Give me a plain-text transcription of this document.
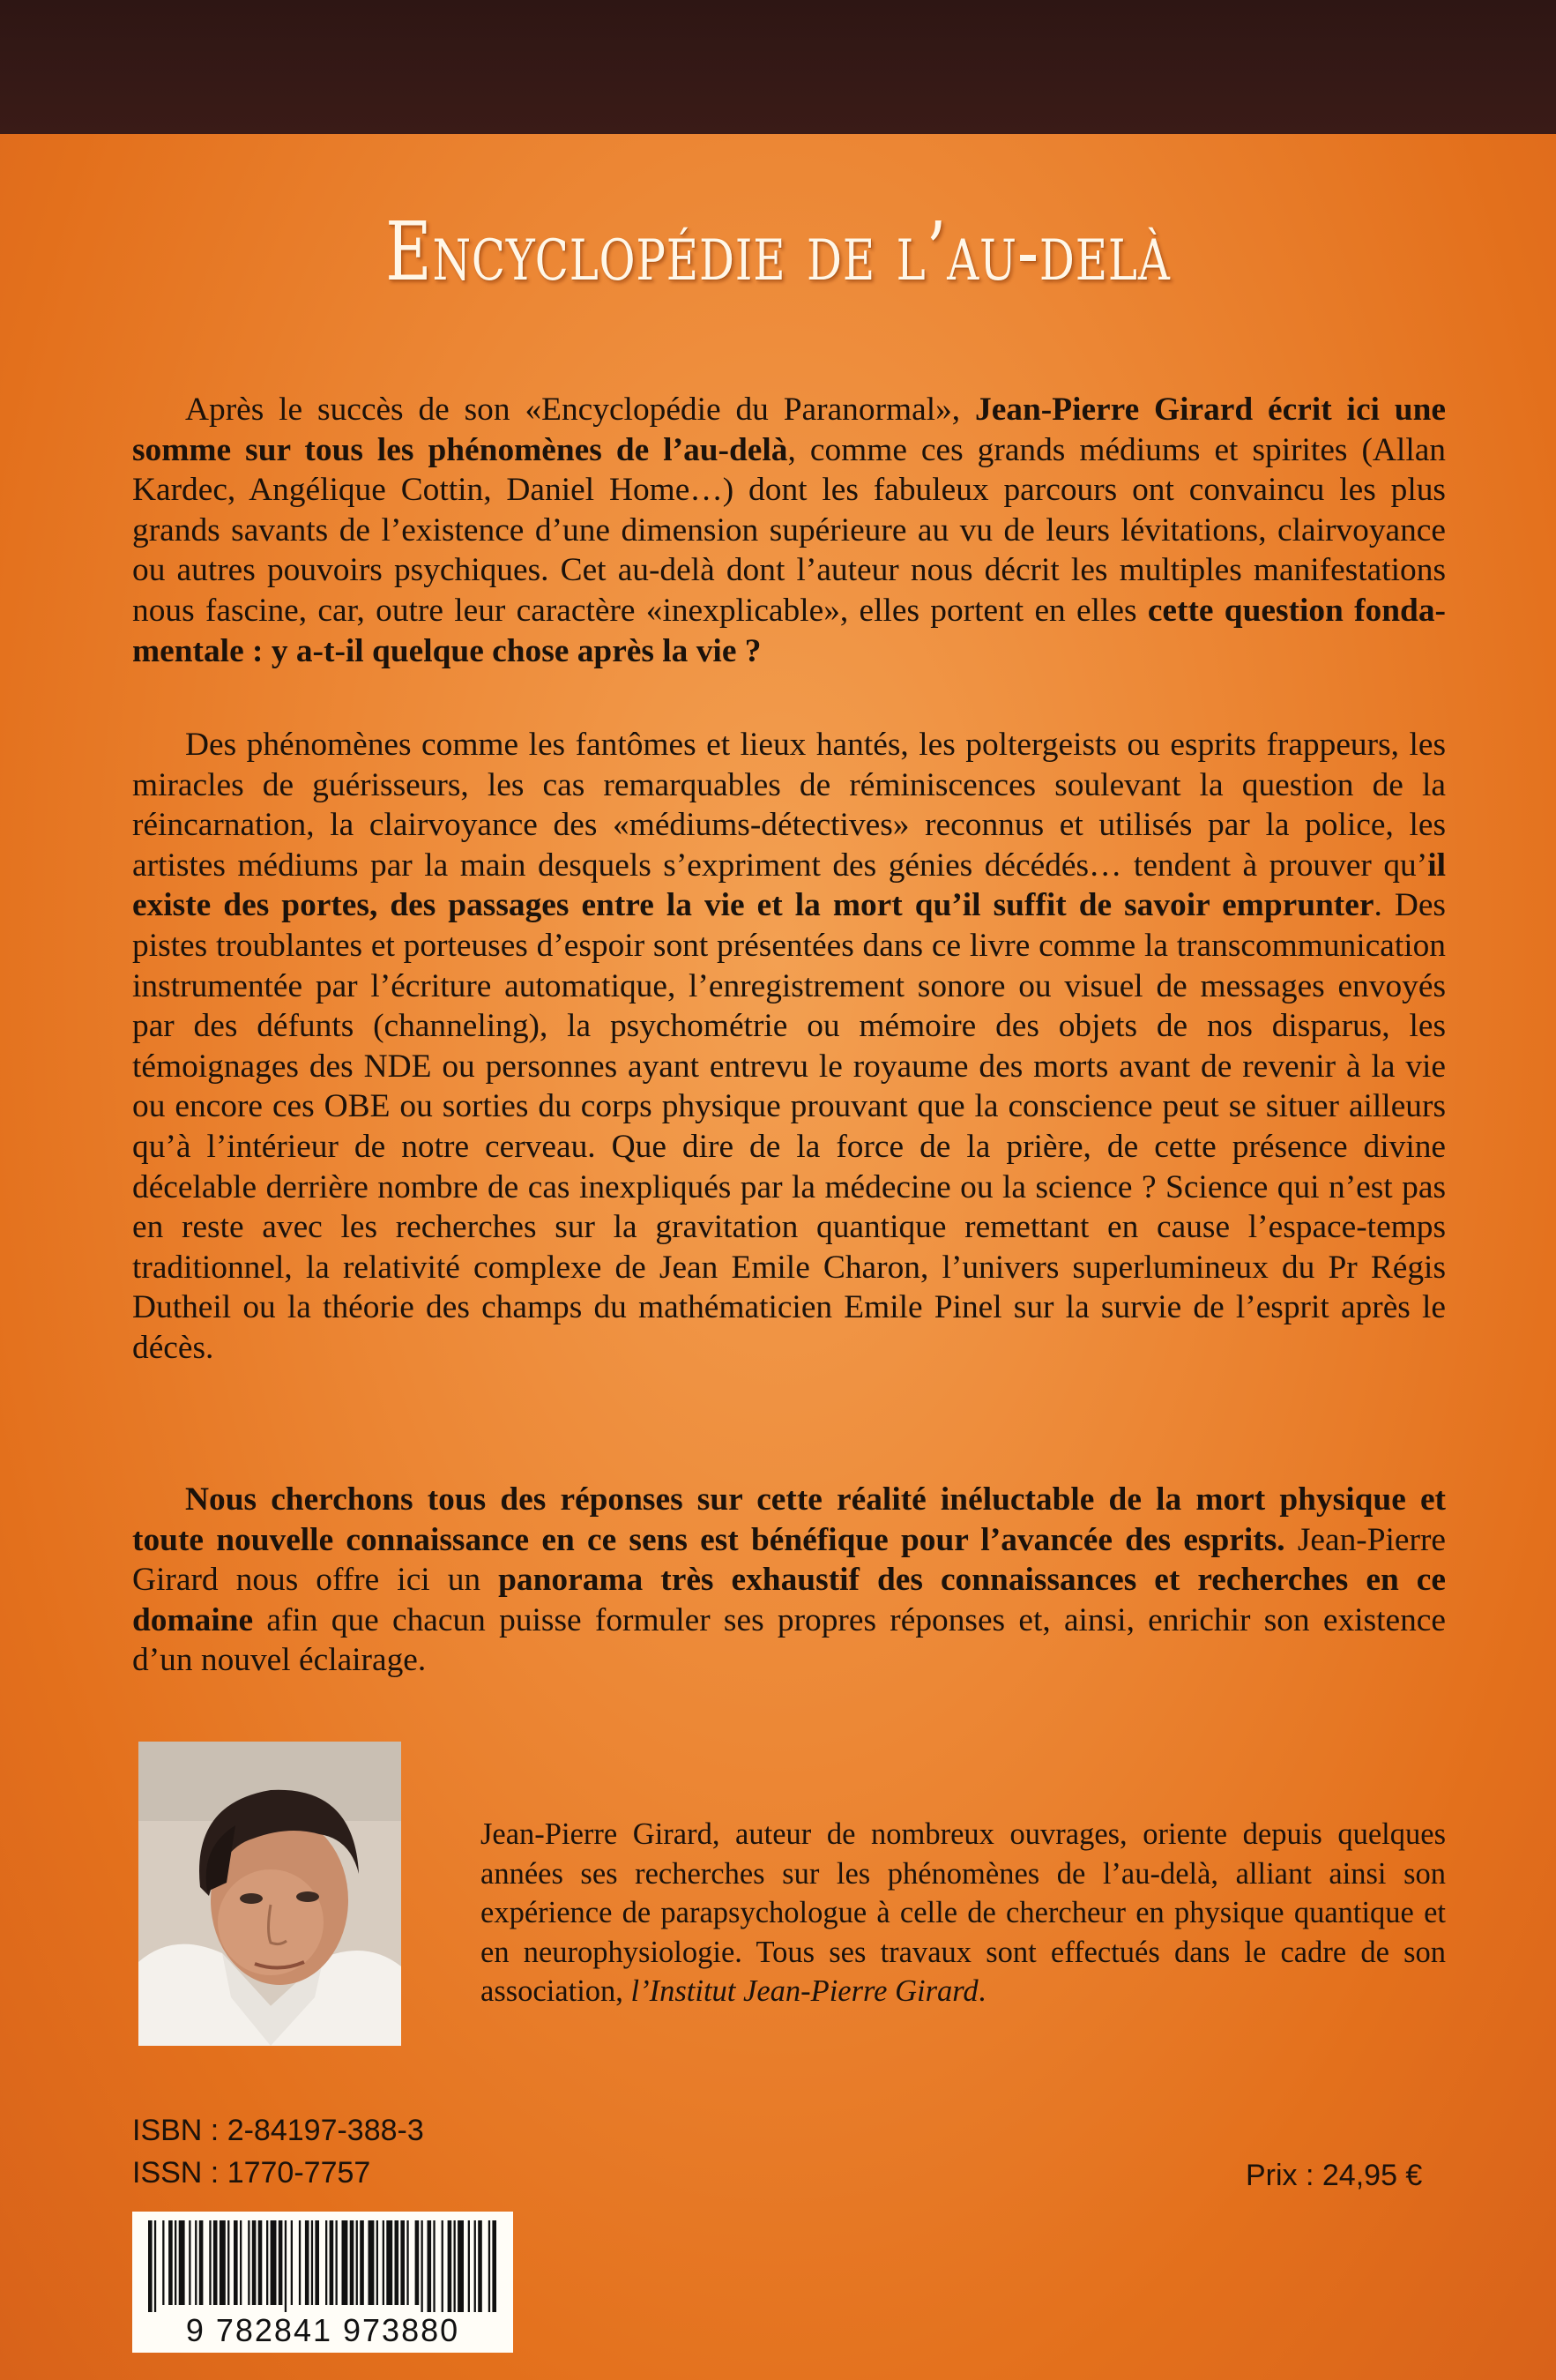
Encyclopédie de l’au-delà

Après le succès de son «Encyclopédie du Paranormal», Jean-Pierre Girard écrit ici une somme sur tous les phénomènes de l’au-delà, comme ces grands médiums et spirites (Allan Kardec, Angélique Cottin, Daniel Home…) dont les fabuleux parcours ont convaincu les plus grands savants de l’existence d’une dimension supérieure au vu de leurs lévitations, clairvoyance ou autres pouvoirs psychiques. Cet au-delà dont l’auteur nous décrit les multiples manifestations nous fascine, car, outre leur caractère «inexplicable», elles portent en elles cette question fondamentale : y a-t-il quelque chose après la vie ?

Des phénomènes comme les fantômes et lieux hantés, les poltergeists ou esprits frappeurs, les miracles de guérisseurs, les cas remarquables de réminiscences soulevant la question de la réincarnation, la clairvoyance des «médiums-détectives» reconnus et utilisés par la police, les artistes médiums par la main desquels s’expriment des génies décédés… tendent à prouver qu’il existe des portes, des passages entre la vie et la mort qu’il suffit de savoir emprunter. Des pistes troublantes et porteuses d’espoir sont présentées dans ce livre comme la transcommunication instrumentée par l’écriture automatique, l’enregistrement sonore ou visuel de messages envoyés par des défunts (channeling), la psychométrie ou mémoire des objets de nos disparus, les témoignages des NDE ou personnes ayant entrevu le royaume des morts avant de revenir à la vie ou encore ces OBE ou sorties du corps physique prouvant que la conscience peut se situer ailleurs qu’à l’intérieur de notre cerveau. Que dire de la force de la prière, de cette présence divine décelable derrière nombre de cas inexpliqués par la médecine ou la science ? Science qui n’est pas en reste avec les recherches sur la gravitation quantique remettant en cause l’espace-temps traditionnel, la relativité complexe de Jean Emile Charon, l’univers superlumineux du Pr Régis Dutheil ou la théorie des champs du mathématicien Emile Pinel sur la survie de l’esprit après le décès.

Nous cherchons tous des réponses sur cette réalité inéluctable de la mort physique et toute nouvelle connaissance en ce sens est bénéfique pour l’avancée des esprits. Jean-Pierre Girard nous offre ici un panorama très exhaustif des connaissances et recherches en ce domaine afin que chacun puisse formuler ses propres réponses et, ainsi, enrichir son existence d’un nouvel éclairage.

Jean-Pierre Girard, auteur de nombreux ouvrages, oriente depuis quelques années ses recherches sur les phénomènes de l’au-delà, alliant ainsi son expérience de parapsychologue à celle de chercheur en physique quantique et en neurophysiologie. Tous ses travaux sont effectués dans le cadre de son association, l’Institut Jean-Pierre Girard.

ISBN : 2-84197-388-3
ISSN : 1770-7757	Prix : 24,95 €
9 782841 973880
